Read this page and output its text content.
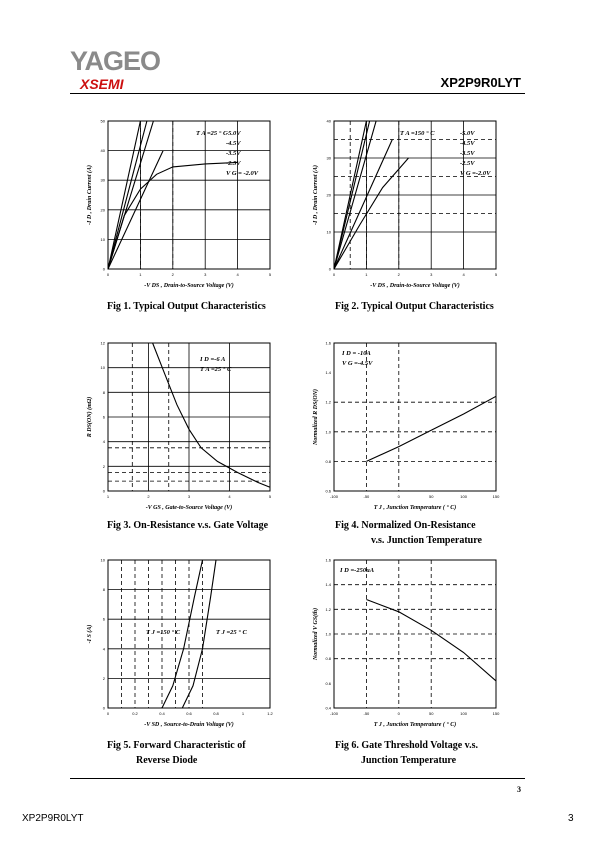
YAGEO
XSEMI	XP2P9R0LYT
0	1	2	3	4	5
0
10
20
30
40
50
-V DS , Drain-to-Source Voltage (V)
-I D , Drain Current (A)
T A =25 ° C
-5.0V
-4.5V
-3.5V
-2.5V
V G = -2.0V
0	1	2	3	4	5
0
10
20
30
40
-V DS , Drain-to-Source Voltage (V)
-I D , Drain Current (A)
T A =150 ° C	-5.0V
-4.5V
-3.5V
-2.5V
V G =-2.0V
1	2	3	4	5
0
2
4
6
8
10
12
-V GS , Gate-to-Source Voltage (V)
R DS(ON) (mΩ)
I D =-6 A
T A =25 ° C
-100	-50	0	50	100	150
0.6
0.8
1.0
1.2
1.4
1.6
T J , Junction Temperature ( ° C)
Normalized R DS(ON)
I D = -10A
V G =-4.5V
0	0.2	0.4	0.6	0.8	1	1.2
0
2
4
6
8
10
-V SD , Source-to-Drain Voltage (V)
-I S (A)	T J =150 ° C	T J =25 ° C
-100	-50	0	50	100	150
0.4
0.6
0.8
1.0
1.2
1.4
1.6
T J , Junction Temperature ( ° C)
Normalized V GS(th)
I D =-250uA
Fig 1. Typical Output Characteristics	Fig 2. Typical Output Characteristics
Fig 3. On-Resistance v.s. Gate Voltage	Fig 4. Normalized On-Resistance
v.s. Junction Temperature
Fig 5. Forward Characteristic of
Reverse Diode
Fig 6. Gate Threshold Voltage v.s.
Junction Temperature
3
XP2P9R0LYT	3
